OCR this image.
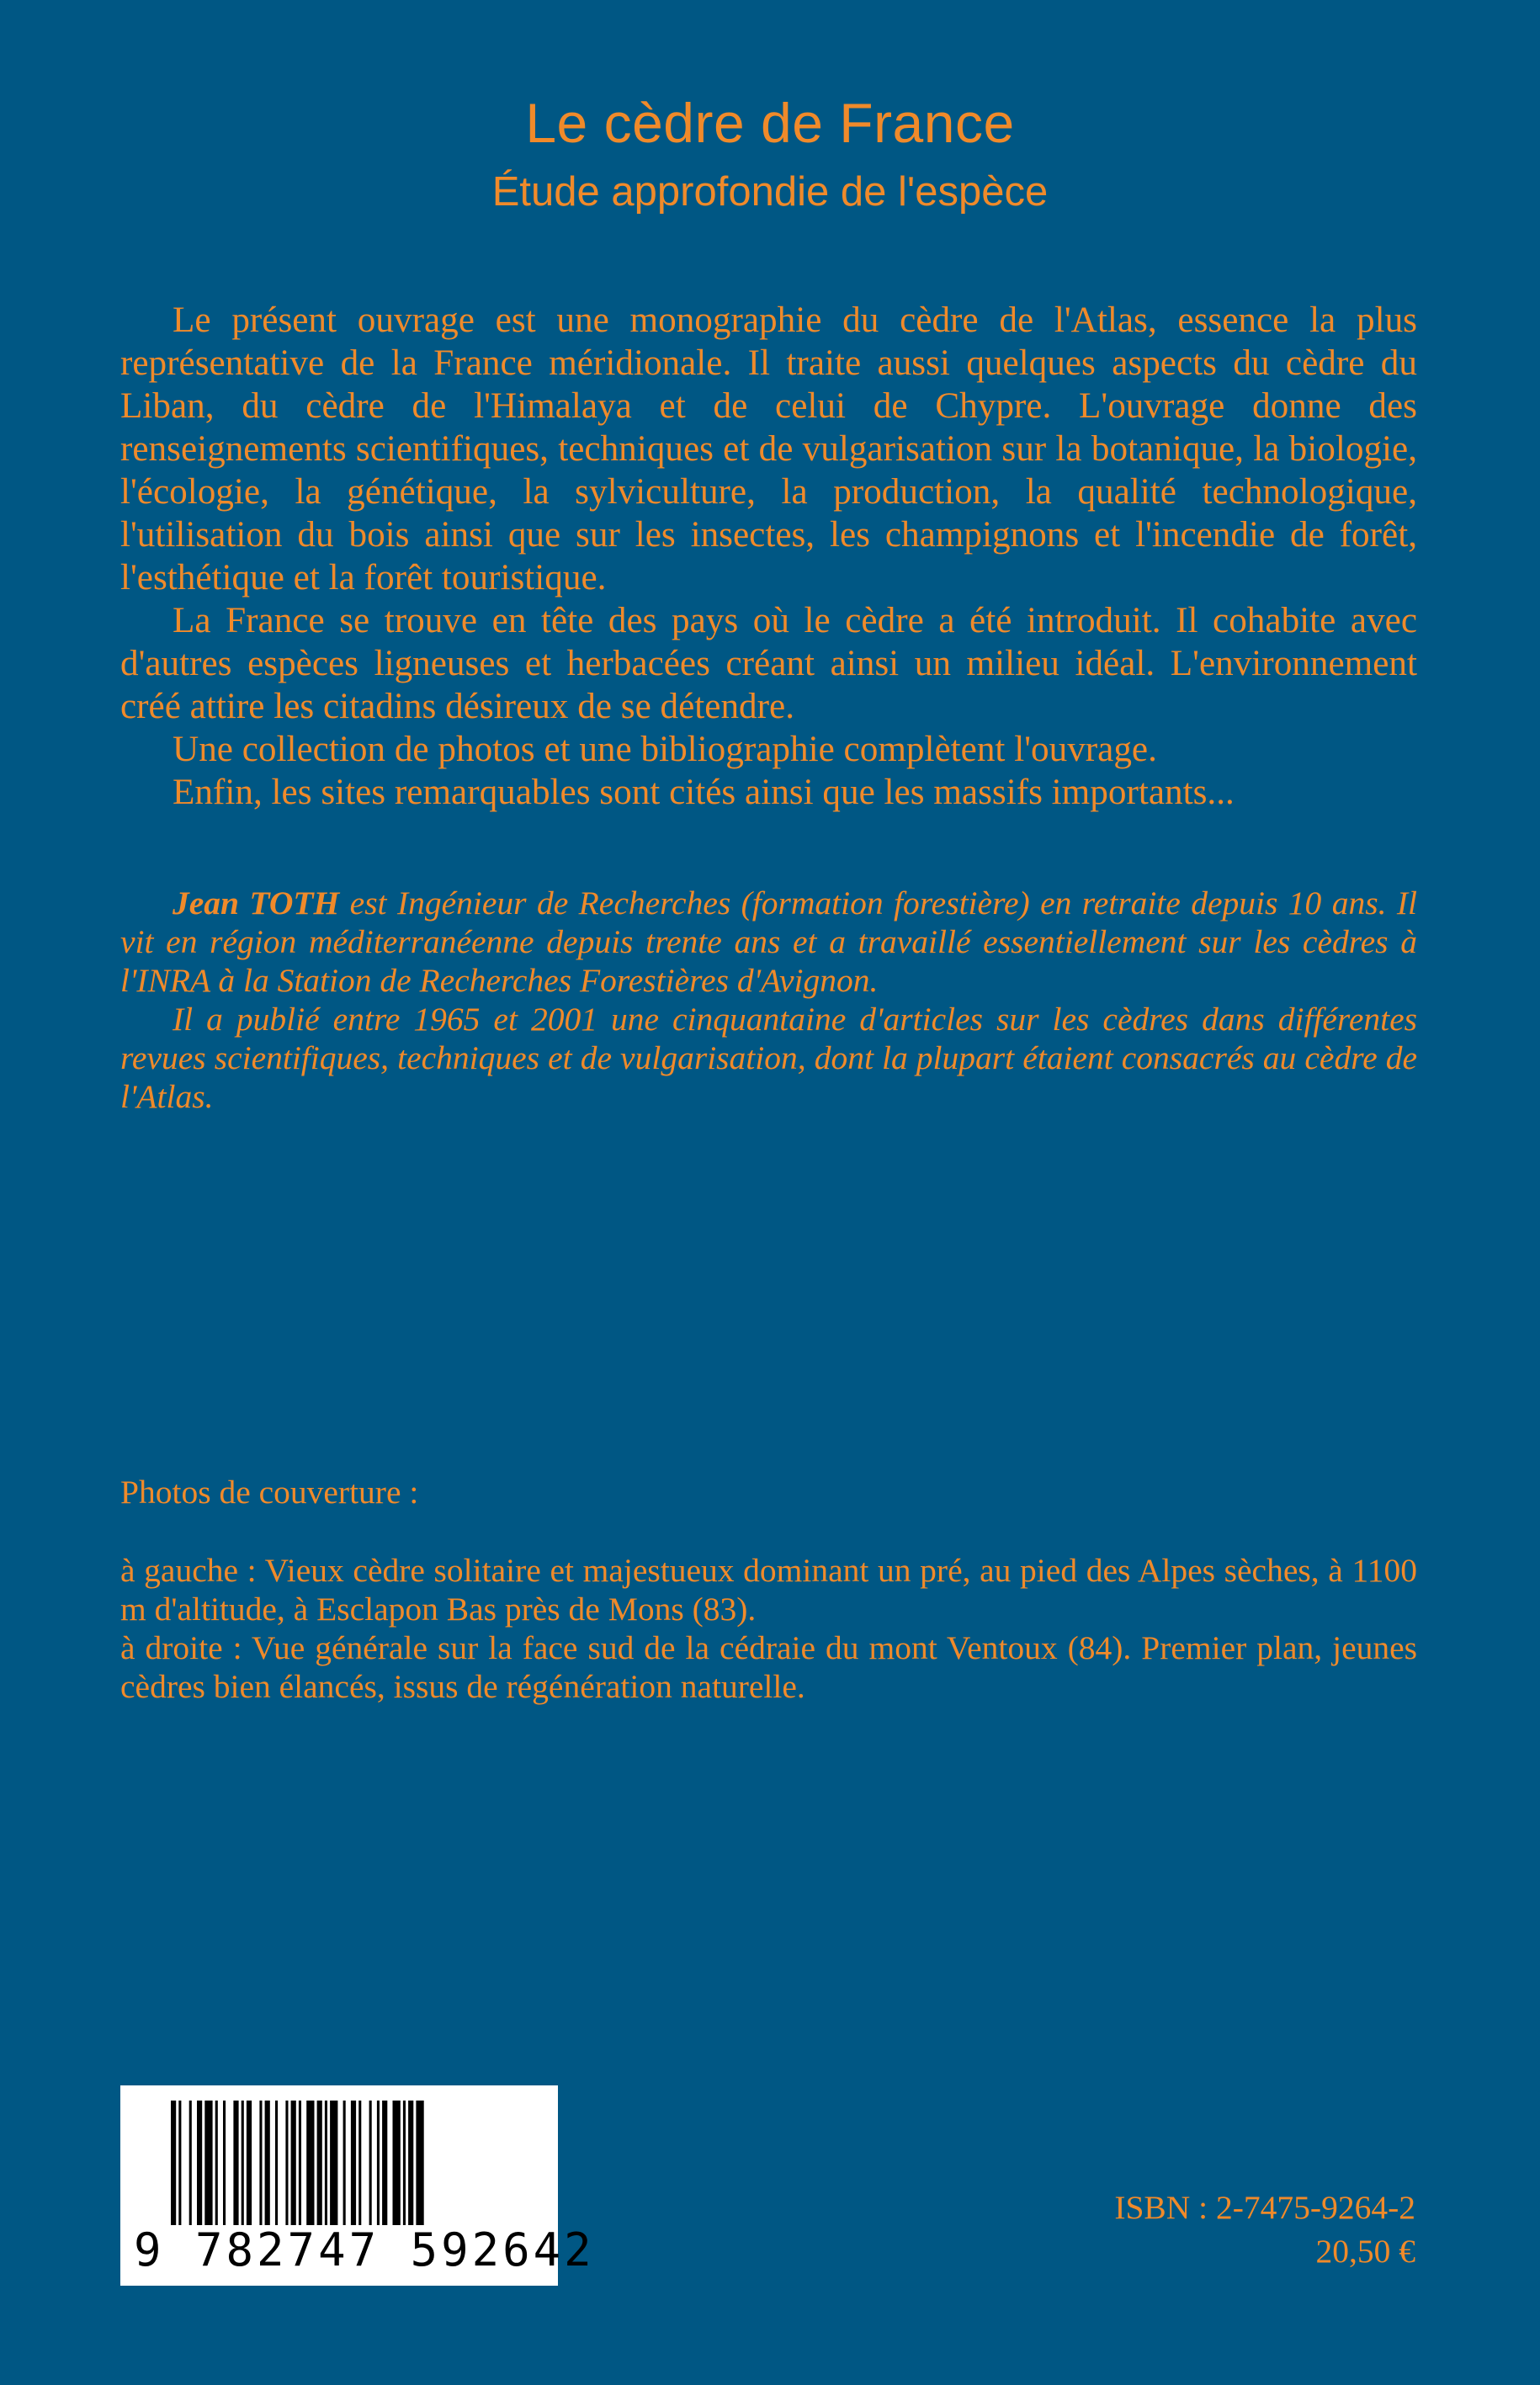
Le cèdre de France
Étude approfondie de l'espèce

Le présent ouvrage est une monographie du cèdre de l'Atlas, essence la plus représentative de la France méridionale. Il traite aussi quelques aspects du cèdre du Liban, du cèdre de l'Himalaya et de celui de Chypre. L'ouvrage donne des renseignements scientifiques, techniques et de vulgarisation sur la botanique, la biologie, l'écologie, la génétique, la sylviculture, la production, la qualité technologique, l'utilisation du bois ainsi que sur les insectes, les champignons et l'incendie de forêt, l'esthétique et la forêt touristique.

La France se trouve en tête des pays où le cèdre a été introduit. Il cohabite avec d'autres espèces ligneuses et herbacées créant ainsi un milieu idéal. L'environnement créé attire les citadins désireux de se détendre.

Une collection de photos et une bibliographie complètent l'ouvrage.

Enfin, les sites remarquables sont cités ainsi que les massifs importants...

Jean TOTH est Ingénieur de Recherches (formation forestière) en retraite depuis 10 ans. Il vit en région méditerranéenne depuis trente ans et a travaillé essentiellement sur les cèdres à l'INRA à la Station de Recherches Forestières d'Avignon.

Il a publié entre 1965 et 2001 une cinquantaine d'articles sur les cèdres dans différentes revues scientifiques, techniques et de vulgarisation, dont la plupart étaient consacrés au cèdre de l'Atlas.

Photos de couverture :

à gauche : Vieux cèdre solitaire et majestueux dominant un pré, au pied des Alpes sèches, à 1100 m d'altitude, à Esclapon Bas près de Mons (83).

à droite : Vue générale sur la face sud de la cédraie du mont Ventoux (84). Premier plan, jeunes cèdres bien élancés, issus de régénération naturelle.

9 782747 592642
ISBN : 2-7475-9264-2
20,50 €
